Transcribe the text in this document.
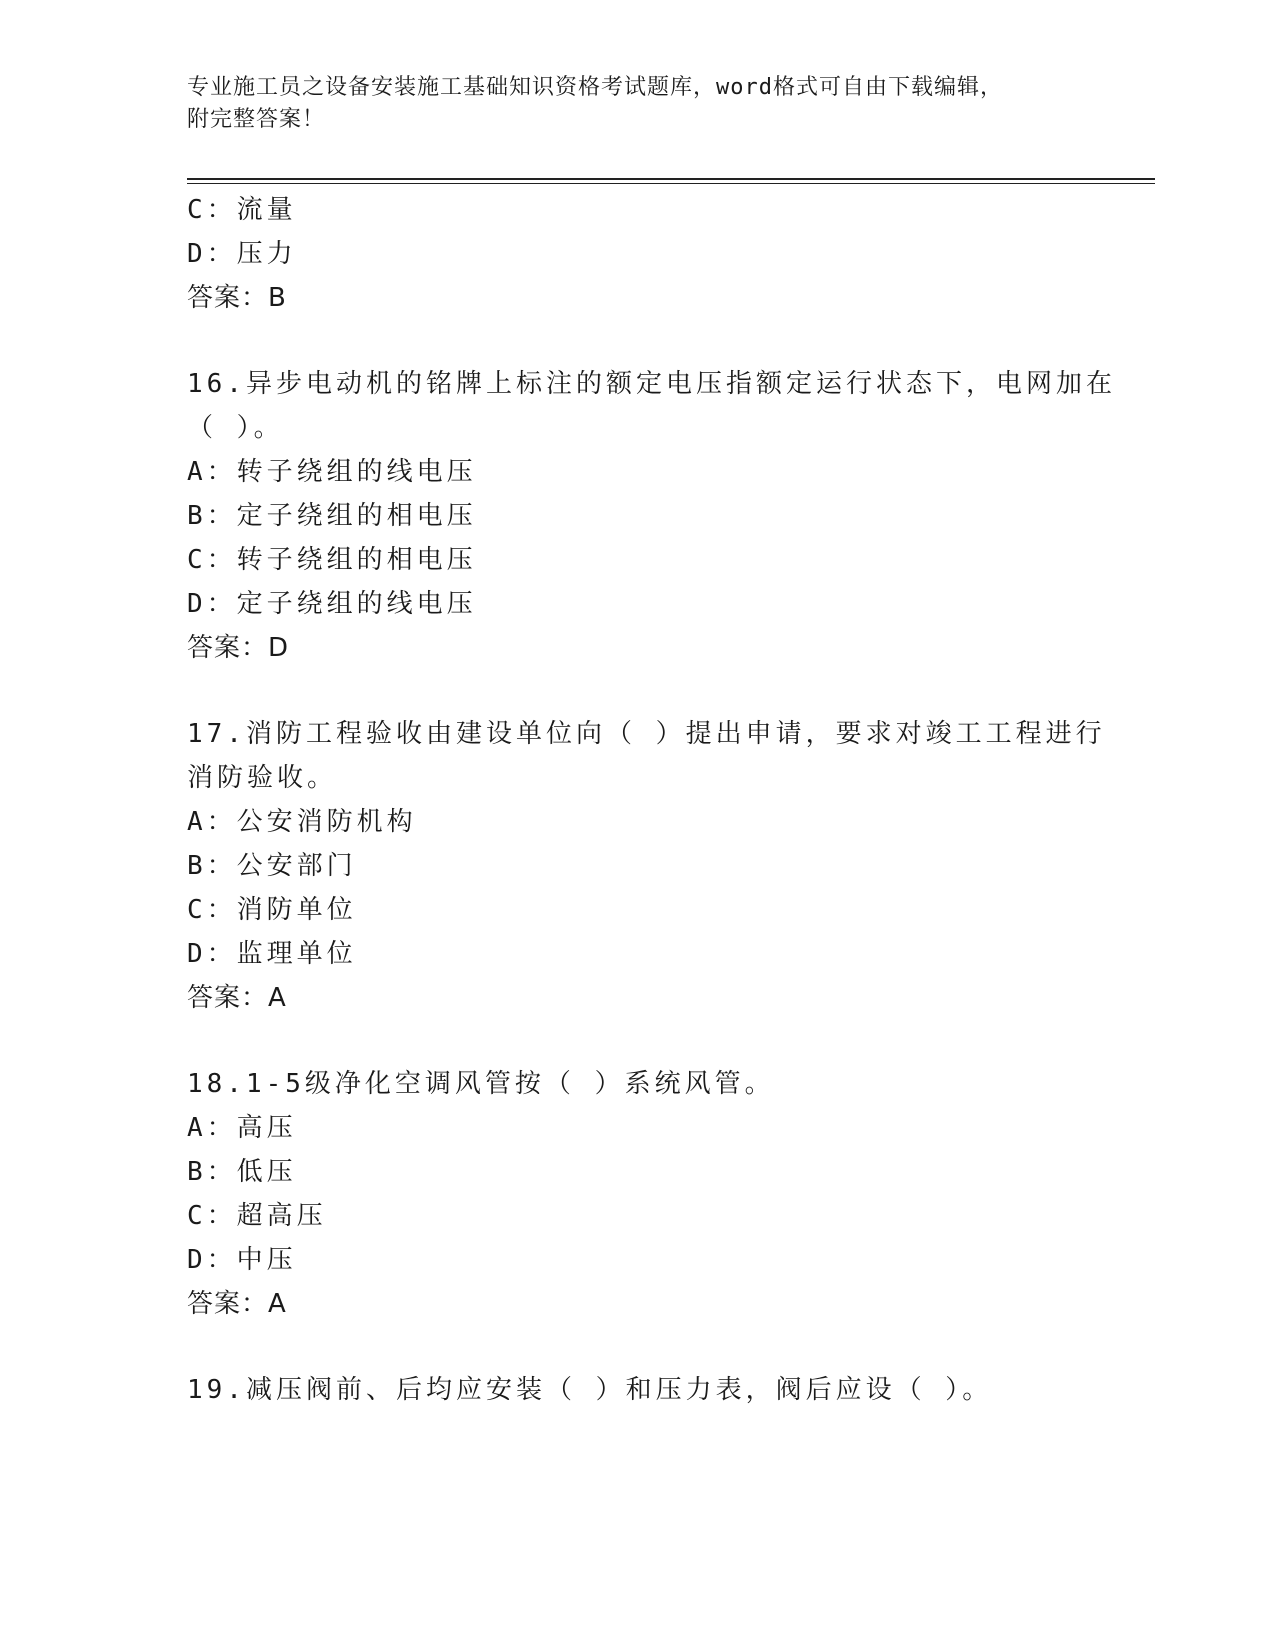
专业施工员之设备安装施工基础知识资格考试题库，word格式可自由下载编辑，
附完整答案！
C：流量
D：压力
答案：B
16.异步电动机的铭牌上标注的额定电压指额定运行状态下，电网加在
（ ）。
A：转子绕组的线电压
B：定子绕组的相电压
C：转子绕组的相电压
D：定子绕组的线电压
答案：D
17.消防工程验收由建设单位向（ ）提出申请，要求对竣工工程进行
消防验收。
A：公安消防机构
B：公安部门
C：消防单位
D：监理单位
答案：A
18.1-5级净化空调风管按（ ）系统风管。
A：高压
B：低压
C：超高压
D：中压
答案：A
19.减压阀前、后均应安装（ ）和压力表，阀后应设（ ）。
